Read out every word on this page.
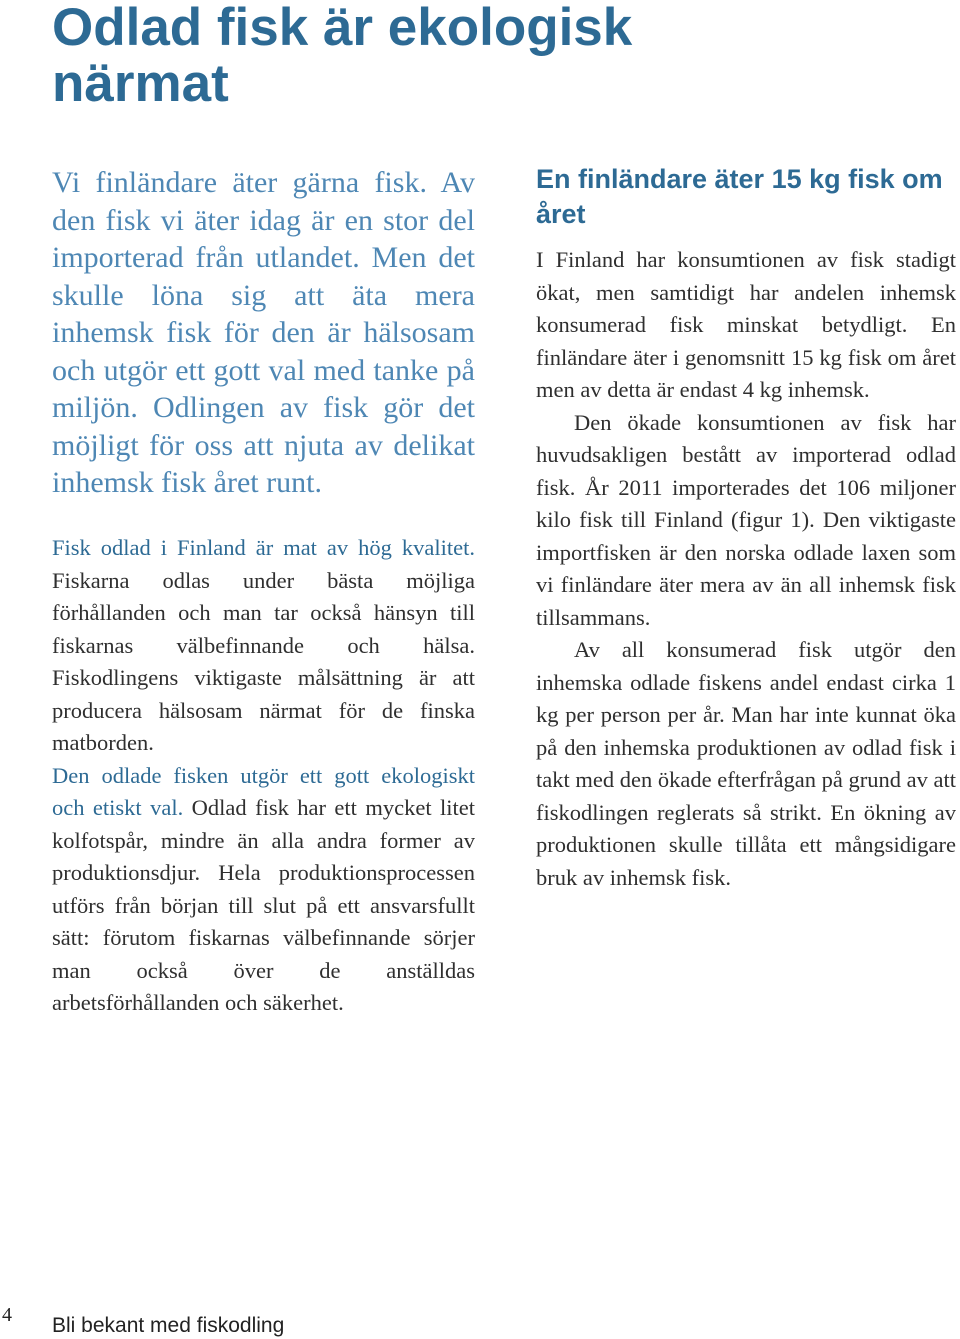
Odlad fisk är ekologisk
närmat

Vi finländare äter gärna fisk. Av den fisk vi äter idag är en stor del importerad från utlandet. Men det skulle löna sig att äta mera inhemsk fisk för den är hälsosam och utgör ett gott val med tanke på miljön. Odlingen av fisk gör det möjligt för oss att njuta av delikat inhemsk fisk året runt.

Fisk odlad i Finland är mat av hög kvalitet. Fiskarna odlas under bästa möjliga förhållanden och man tar också hänsyn till fiskarnas välbefinnande och hälsa. Fiskodlingens viktigaste målsättning är att producera hälsosam närmat för de finska matborden.

Den odlade fisken utgör ett gott ekologiskt och etiskt val. Odlad fisk har ett mycket litet kolfotspår, mindre än alla andra former av produktionsdjur. Hela produktionsprocessen utförs från början till slut på ett ansvarsfullt sätt: förutom fiskarnas välbefinnande sörjer man också över de anställdas arbetsförhållanden och säkerhet.

En finländare äter 15 kg fisk om året

I Finland har konsumtionen av fisk stadigt ökat, men samtidigt har andelen inhemsk konsumerad fisk minskat betydligt. En finländare äter i genomsnitt 15 kg fisk om året men av detta är endast 4 kg inhemsk.

Den ökade konsumtionen av fisk har huvudsakligen bestått av importerad odlad fisk. År 2011 importerades det 106 miljoner kilo fisk till Finland (figur 1). Den viktigaste importfisken är den norska odlade laxen som vi finländare äter mera av än all inhemsk fisk tillsammans.

Av all konsumerad fisk utgör den inhemska odlade fiskens andel endast cirka 1 kg per person per år. Man har inte kunnat öka på den inhemska produktionen av odlad fisk i takt med den ökade efterfrågan på grund av att fiskodlingen reglerats så strikt. En ökning av produktionen skulle tillåta ett mångsidigare bruk av inhemsk fisk.

4 Bli bekant med fiskodling
